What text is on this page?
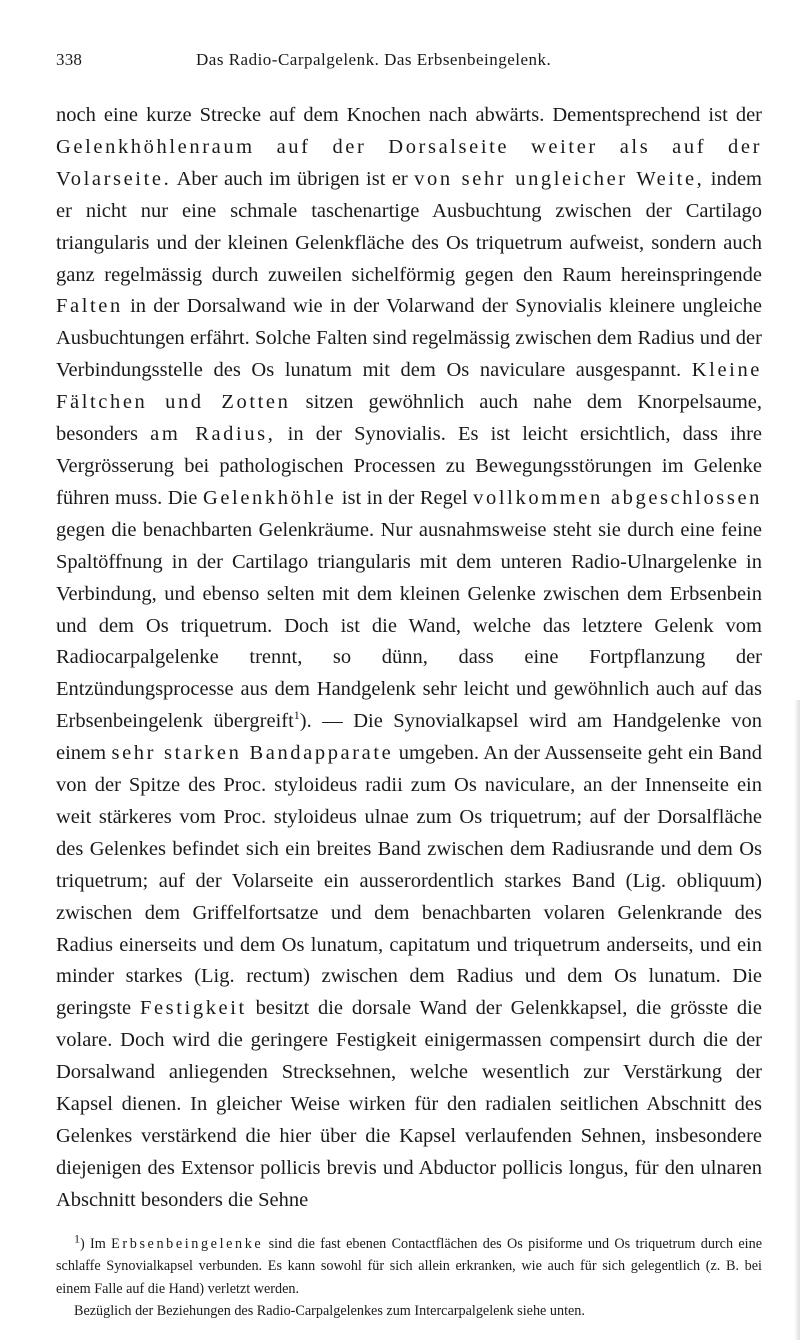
338	Das Radio-Carpalgelenk. Das Erbsenbeingelenk.

noch eine kurze Strecke auf dem Knochen nach abwärts. Dementsprechend ist der Gelenkhöhlenraum auf der Dorsalseite weiter als auf der Volarseite. Aber auch im übrigen ist er von sehr ungleicher Weite, indem er nicht nur eine schmale taschenartige Ausbuchtung zwischen der Cartilago triangularis und der kleinen Gelenkfläche des Os triquetrum aufweist, sondern auch ganz regelmässig durch zuweilen sichelförmig gegen den Raum hereinspringende Falten in der Dorsalwand wie in der Volarwand der Synovialis kleinere ungleiche Ausbuchtungen erfährt. Solche Falten sind regelmässig zwischen dem Radius und der Verbindungsstelle des Os lunatum mit dem Os naviculare ausgespannt. Kleine Fältchen und Zotten sitzen gewöhnlich auch nahe dem Knorpelsaume, besonders am Radius, in der Synovialis. Es ist leicht ersichtlich, dass ihre Vergrösserung bei pathologischen Processen zu Bewegungsstörungen im Gelenke führen muss. Die Gelenkhöhle ist in der Regel vollkommen abgeschlossen gegen die benachbarten Gelenkräume. Nur ausnahmsweise steht sie durch eine feine Spaltöffnung in der Cartilago triangularis mit dem unteren Radio-Ulnargelenke in Verbindung, und ebenso selten mit dem kleinen Gelenke zwischen dem Erbsenbein und dem Os triquetrum. Doch ist die Wand, welche das letztere Gelenk vom Radiocarpalgelenke trennt, so dünn, dass eine Fortpflanzung der Entzündungsprocesse aus dem Handgelenk sehr leicht und gewöhnlich auch auf das Erbsenbeingelenk übergreift$^1$). — Die Synovialkapsel wird am Handgelenke von einem sehr starken Bandapparate umgeben. An der Aussenseite geht ein Band von der Spitze des Proc. styloideus radii zum Os naviculare, an der Innenseite ein weit stärkeres vom Proc. styloideus ulnae zum Os triquetrum; auf der Dorsalfläche des Gelenkes befindet sich ein breites Band zwischen dem Radiusrande und dem Os triquetrum; auf der Volarseite ein ausserordentlich starkes Band (Lig. obliquum) zwischen dem Griffelfortsatze und dem benachbarten volaren Gelenkrande des Radius einerseits und dem Os lunatum, capitatum und triquetrum anderseits, und ein minder starkes (Lig. rectum) zwischen dem Radius und dem Os lunatum. Die geringste Festigkeit besitzt die dorsale Wand der Gelenkkapsel, die grösste die volare. Doch wird die geringere Festigkeit einigermassen compensirt durch die der Dorsalwand anliegenden Strecksehnen, welche wesentlich zur Verstärkung der Kapsel dienen. In gleicher Weise wirken für den radialen seitlichen Abschnitt des Gelenkes verstärkend die hier über die Kapsel verlaufenden Sehnen, insbesondere diejenigen des Extensor pollicis brevis und Abductor pollicis longus, für den ulnaren Abschnitt besonders die Sehne

$^1$) Im Erbsenbeingelenke sind die fast ebenen Contactflächen des Os pisiforme und Os triquetrum durch eine schlaffe Synovialkapsel verbunden. Es kann sowohl für sich allein erkranken, wie auch für sich gelegentlich (z. B. bei einem Falle auf die Hand) verletzt werden.

Bezüglich der Beziehungen des Radio-Carpalgelenkes zum Intercarpalgelenk siehe unten.
